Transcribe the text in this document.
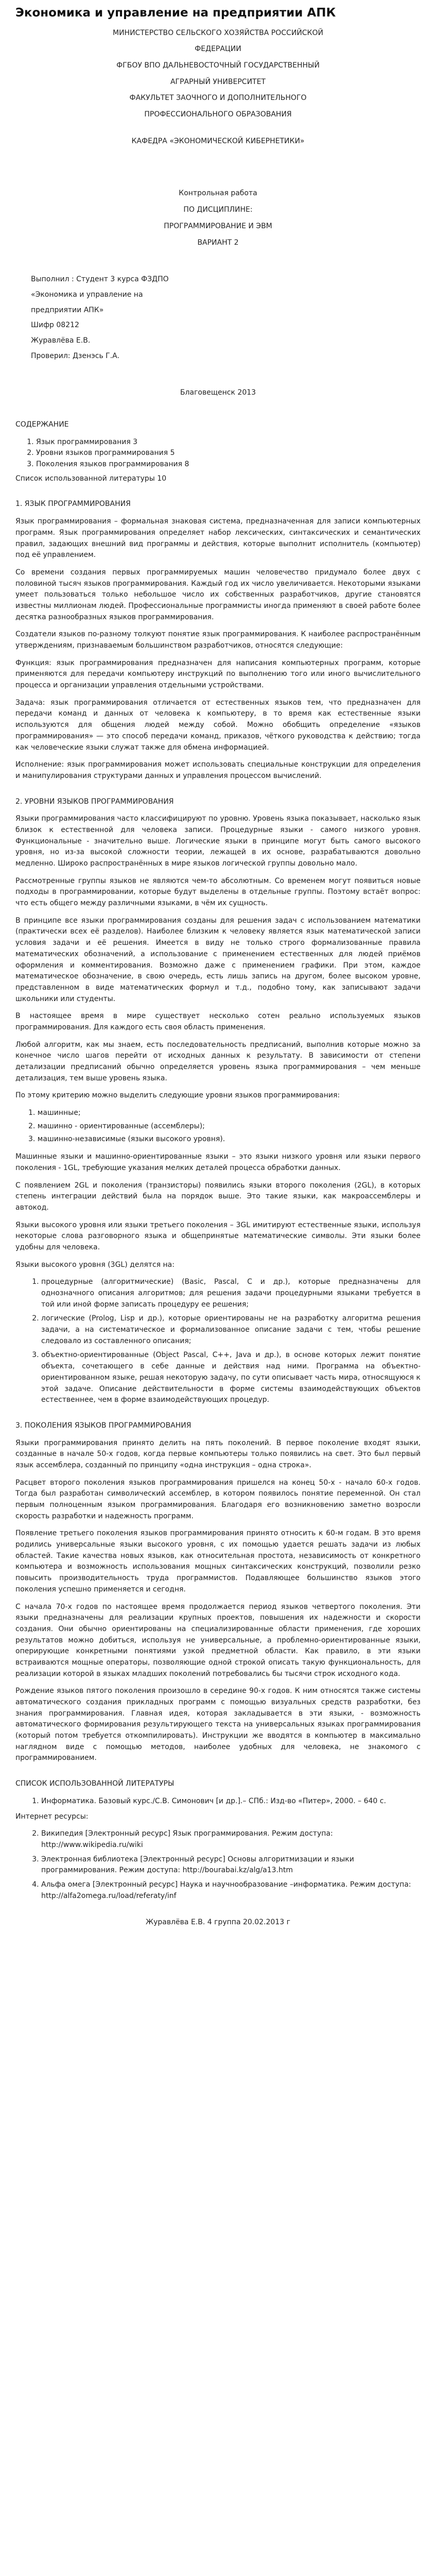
Экономика и управление на предприятии АПК

МИНИСТЕРСТВО СЕЛЬСКОГО ХОЗЯЙСТВА РОССИЙСКОЙ

ФЕДЕРАЦИИ

ФГБОУ ВПО ДАЛЬНЕВОСТОЧНЫЙ ГОСУДАРСТВЕННЫЙ

АГРАРНЫЙ УНИВЕРСИТЕТ

ФАКУЛЬТЕТ ЗАОЧНОГО И ДОПОЛНИТЕЛЬНОГО

ПРОФЕССИОНАЛЬНОГО ОБРАЗОВАНИЯ

КАФЕДРА «ЭКОНОМИЧЕСКОЙ КИБЕРНЕТИКИ»

Контрольная работа

ПО ДИСЦИПЛИНЕ:

ПРОГРАММИРОВАНИЕ И ЭВМ

ВАРИАНТ 2

Выполнил : Студент 3 курса ФЗДПО

«Экономика и управление на

предприятии АПК»

Шифр 08212

Журавлёва Е.В.

Проверил: Дзенэсь Г.А.

Благовещенск 2013
СОДЕРЖАНИЕ
1. Язык программирования 3
2. Уровни языков программирования 5
3. Поколения языков программирования 8

Список использованной литературы 10

1. ЯЗЫК ПРОГРАММИРОВАНИЯ

Язык программирования – формальная знаковая система, предназначенная для записи компьютерных программ. Язык программирования определяет набор лексических, синтаксических и семантических правил, задающих внешний вид программы и действия, которые выполнит исполнитель (компьютер) под её управлением.

Со времени создания первых программируемых машин человечество придумало более двух с половиной тысяч языков программирования. Каждый год их число увеличивается. Некоторыми языками умеет пользоваться только небольшое число их собственных разработчиков, другие становятся известны миллионам людей. Профессиональные программисты иногда применяют в своей работе более десятка разнообразных языков программирования.

Создатели языков по-разному толкуют понятие язык программирования. К наиболее распространённым утверждениям, признаваемым большинством разработчиков, относятся следующие:

Функция: язык программирования предназначен для написания компьютерных программ, которые применяются для передачи компьютеру инструкций по выполнению того или иного вычислительного процесса и организации управления отдельными устройствами.

Задача: язык программирования отличается от естественных языков тем, что предназначен для передачи команд и данных от человека к компьютеру, в то время как естественные языки используются для общения людей между собой. Можно обобщить определение «языков программирования» — это способ передачи команд, приказов, чёткого руководства к действию; тогда как человеческие языки служат также для обмена информацией.

Исполнение: язык программирования может использовать специальные конструкции для определения и манипулирования структурами данных и управления процессом вычислений.

2. УРОВНИ ЯЗЫКОВ ПРОГРАММИРОВАНИЯ

Языки программирования часто классифицируют по уровню. Уровень языка показывает, насколько язык близок к естественной для человека записи. Процедурные языки - самого низкого уровня. Функциональные - значительно выше. Логические языки в принципе могут быть самого высокого уровня, но из-за высокой сложности теории, лежащей в их основе, разрабатываются довольно медленно. Широко распространённых в мире языков логической группы довольно мало.

Рассмотренные группы языков не являются чем-то абсолютным. Со временем могут появиться новые подходы в программировании, которые будут выделены в отдельные группы. Поэтому встаёт вопрос: что есть общего между различными языками, в чём их сущность.

В принципе все языки программирования созданы для решения задач с использованием математики (практически всех её разделов). Наиболее близким к человеку является язык математической записи условия задачи и её решения. Имеется в виду не только строго формализованные правила математических обозначений, а использование с применением естественных для людей приёмов оформления и комментирования. Возможно даже с применением графики. При этом, каждое математическое обозначение, в свою очередь, есть лишь запись на другом, более высоком уровне, представленном в виде математических формул и т.д., подобно тому, как записывают задачи школьники или студенты.

В настоящее время в мире существует несколько сотен реально используемых языков программирования. Для каждого есть своя область применения.

Любой алгоритм, как мы знаем, есть последовательность предписаний, выполнив которые можно за конечное число шагов перейти от исходных данных к результату. В зависимости от степени детализации предписаний обычно определяется уровень языка программирования – чем меньше детализация, тем выше уровень языка.

По этому критерию можно выделить следующие уровни языков программирования:

1. машинные;
2. машинно - ориентированные (ассемблеры);
3. машинно-независимые (языки высокого уровня).

Машинные языки и машинно-ориентированные языки – это языки низкого уровня или языки первого поколения - 1GL, требующие указания мелких деталей процесса обработки данных.

С появлением 2GL и поколения (транзисторы) появились языки второго поколения (2GL), в которых степень интеграции действий была на порядок выше. Это такие языки, как макроассемблеры и автокод.

Языки высокого уровня или языки третьего поколения – 3GL имитируют естественные языки, используя некоторые слова разговорного языка и общепринятые математические символы. Эти языки более удобны для человека.

Языки высокого уровня (3GL) делятся на:

1. процедурные (алгоритмические) (Basic, Pascal, C и др.), которые предназначены для однозначного описания алгоритмов; для решения задачи процедурными языками требуется в той или иной форме записать процедуру ее решения;
2. логические (Prolog, Lisp и др.), которые ориентированы не на разработку алгоритма решения задачи, а на систематическое и формализованное описание задачи с тем, чтобы решение следовало из составленного описания;
3. объектно-ориентированные (Object Pascal, C++, Java и др.), в основе которых лежит понятие объекта, сочетающего в себе данные и действия над ними. Программа на объектно-ориентированном языке, решая некоторую задачу, по сути описывает часть мира, относящуюся к этой задаче. Описание действительности в форме системы взаимодействующих объектов естественнее, чем в форме взаимодействующих процедур.
3. ПОКОЛЕНИЯ ЯЗЫКОВ ПРОГРАММИРОВАНИЯ

Языки программирования принято делить на пять поколений. В первое поколение входят языки, созданные в начале 50-х годов, когда первые компьютеры только появились на свет. Это был первый язык ассемблера, созданный по принципу «одна инструкция – одна строка».

Расцвет второго поколения языков программирования пришелся на конец 50-х - начало 60-х годов. Тогда был разработан символический ассемблер, в котором появилось понятие переменной. Он стал первым полноценным языком программирования. Благодаря его возникновению заметно возросли скорость разработки и надежность программ.

Появление третьего поколения языков программирования принято относить к 60-м годам. В это время родились универсальные языки высокого уровня, с их помощью удается решать задачи из любых областей. Такие качества новых языков, как относительная простота, независимость от конкретного компьютера и возможность использования мощных синтаксических конструкций, позволили резко повысить производительность труда программистов. Подавляющее большинство языков этого поколения успешно применяется и сегодня.

С начала 70-х годов по настоящее время продолжается период языков четвертого поколения. Эти языки предназначены для реализации крупных проектов, повышения их надежности и скорости создания. Они обычно ориентированы на специализированные области применения, где хороших результатов можно добиться, используя не универсальные, а проблемно-ориентированные языки, оперирующие конкретными понятиями узкой предметной области. Как правило, в эти языки встраиваются мощные операторы, позволяющие одной строкой описать такую функциональность, для реализации которой в языках младших поколений потребовались бы тысячи строк исходного кода.

Рождение языков пятого поколения произошло в середине 90-х годов. К ним относятся также системы автоматического создания прикладных программ с помощью визуальных средств разработки, без знания программирования. Главная идея, которая закладывается в эти языки, - возможность автоматического формирования результирующего текста на универсальных языках программирования (который потом требуется откомпилировать). Инструкции же вводятся в компьютер в максимально наглядном виде с помощью методов, наиболее удобных для человека, не знакомого с программированием.

СПИСОК ИСПОЛЬЗОВАННОЙ ЛИТЕРАТУРЫ
1. Информатика. Базовый курс./С.В. Симонович [и др.].– СПб.: Изд-во «Питер», 2000. – 640 с.

Интернет ресурсы:

2. Википедия [Электронный ресурс] Язык программирования. Режим доступа: http://www.wikipedia.ru/wiki
3. Электронная библиотека [Электронный ресурс] Основы алгоритмизации и языки программирования. Режим доступа: http://bourabai.kz/alg/a13.htm
4. Альфа омега [Электронный ресурс] Наука и научнообразование –информатика. Режим доступа: http://alfa2omega.ru/load/referaty/inf
Журавлёва Е.В. 4 группа 20.02.2013 г
